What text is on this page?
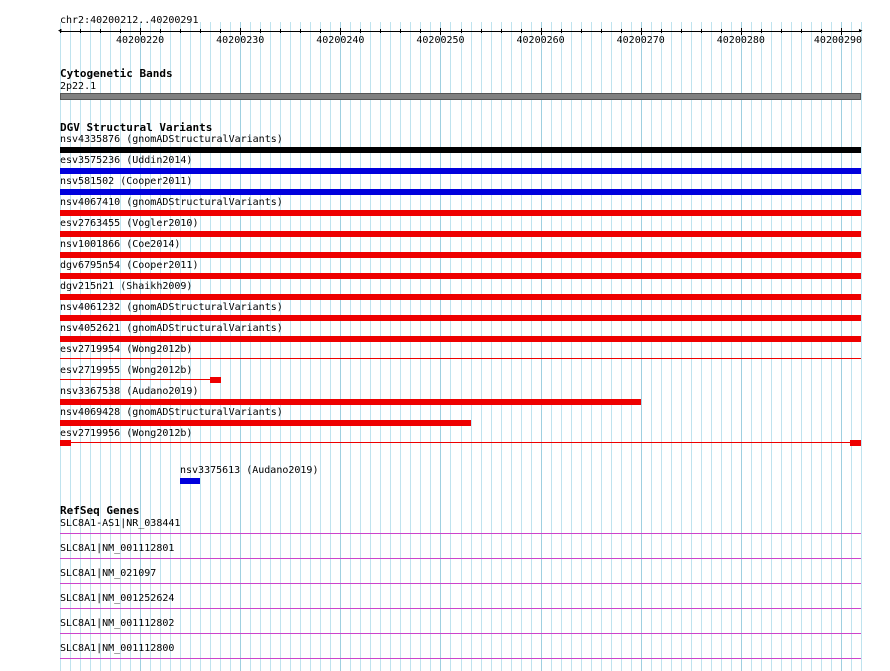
chr2:40200212..40200291
40200220	40200230	40200240	40200250	40200260	40200270	40200280	40200290
◂	▸
Cytogenetic Bands
2p22.1
DGV Structural Variants
nsv4335876 (gnomADStructuralVariants)
esv3575236 (Uddin2014)
nsv581502 (Cooper2011)
nsv4067410 (gnomADStructuralVariants)
esv2763455 (Vogler2010)
nsv1001866 (Coe2014)
dgv6795n54 (Cooper2011)
dgv215n21 (Shaikh2009)
nsv4061232 (gnomADStructuralVariants)
nsv4052621 (gnomADStructuralVariants)
esv2719954 (Wong2012b)
esv2719955 (Wong2012b)
nsv3367538 (Audano2019)
nsv4069428 (gnomADStructuralVariants)
esv2719956 (Wong2012b)
nsv3375613 (Audano2019)
RefSeq Genes
SLC8A1-AS1|NR_038441
SLC8A1|NM_001112801
SLC8A1|NM_021097
SLC8A1|NM_001252624
SLC8A1|NM_001112802
SLC8A1|NM_001112800
